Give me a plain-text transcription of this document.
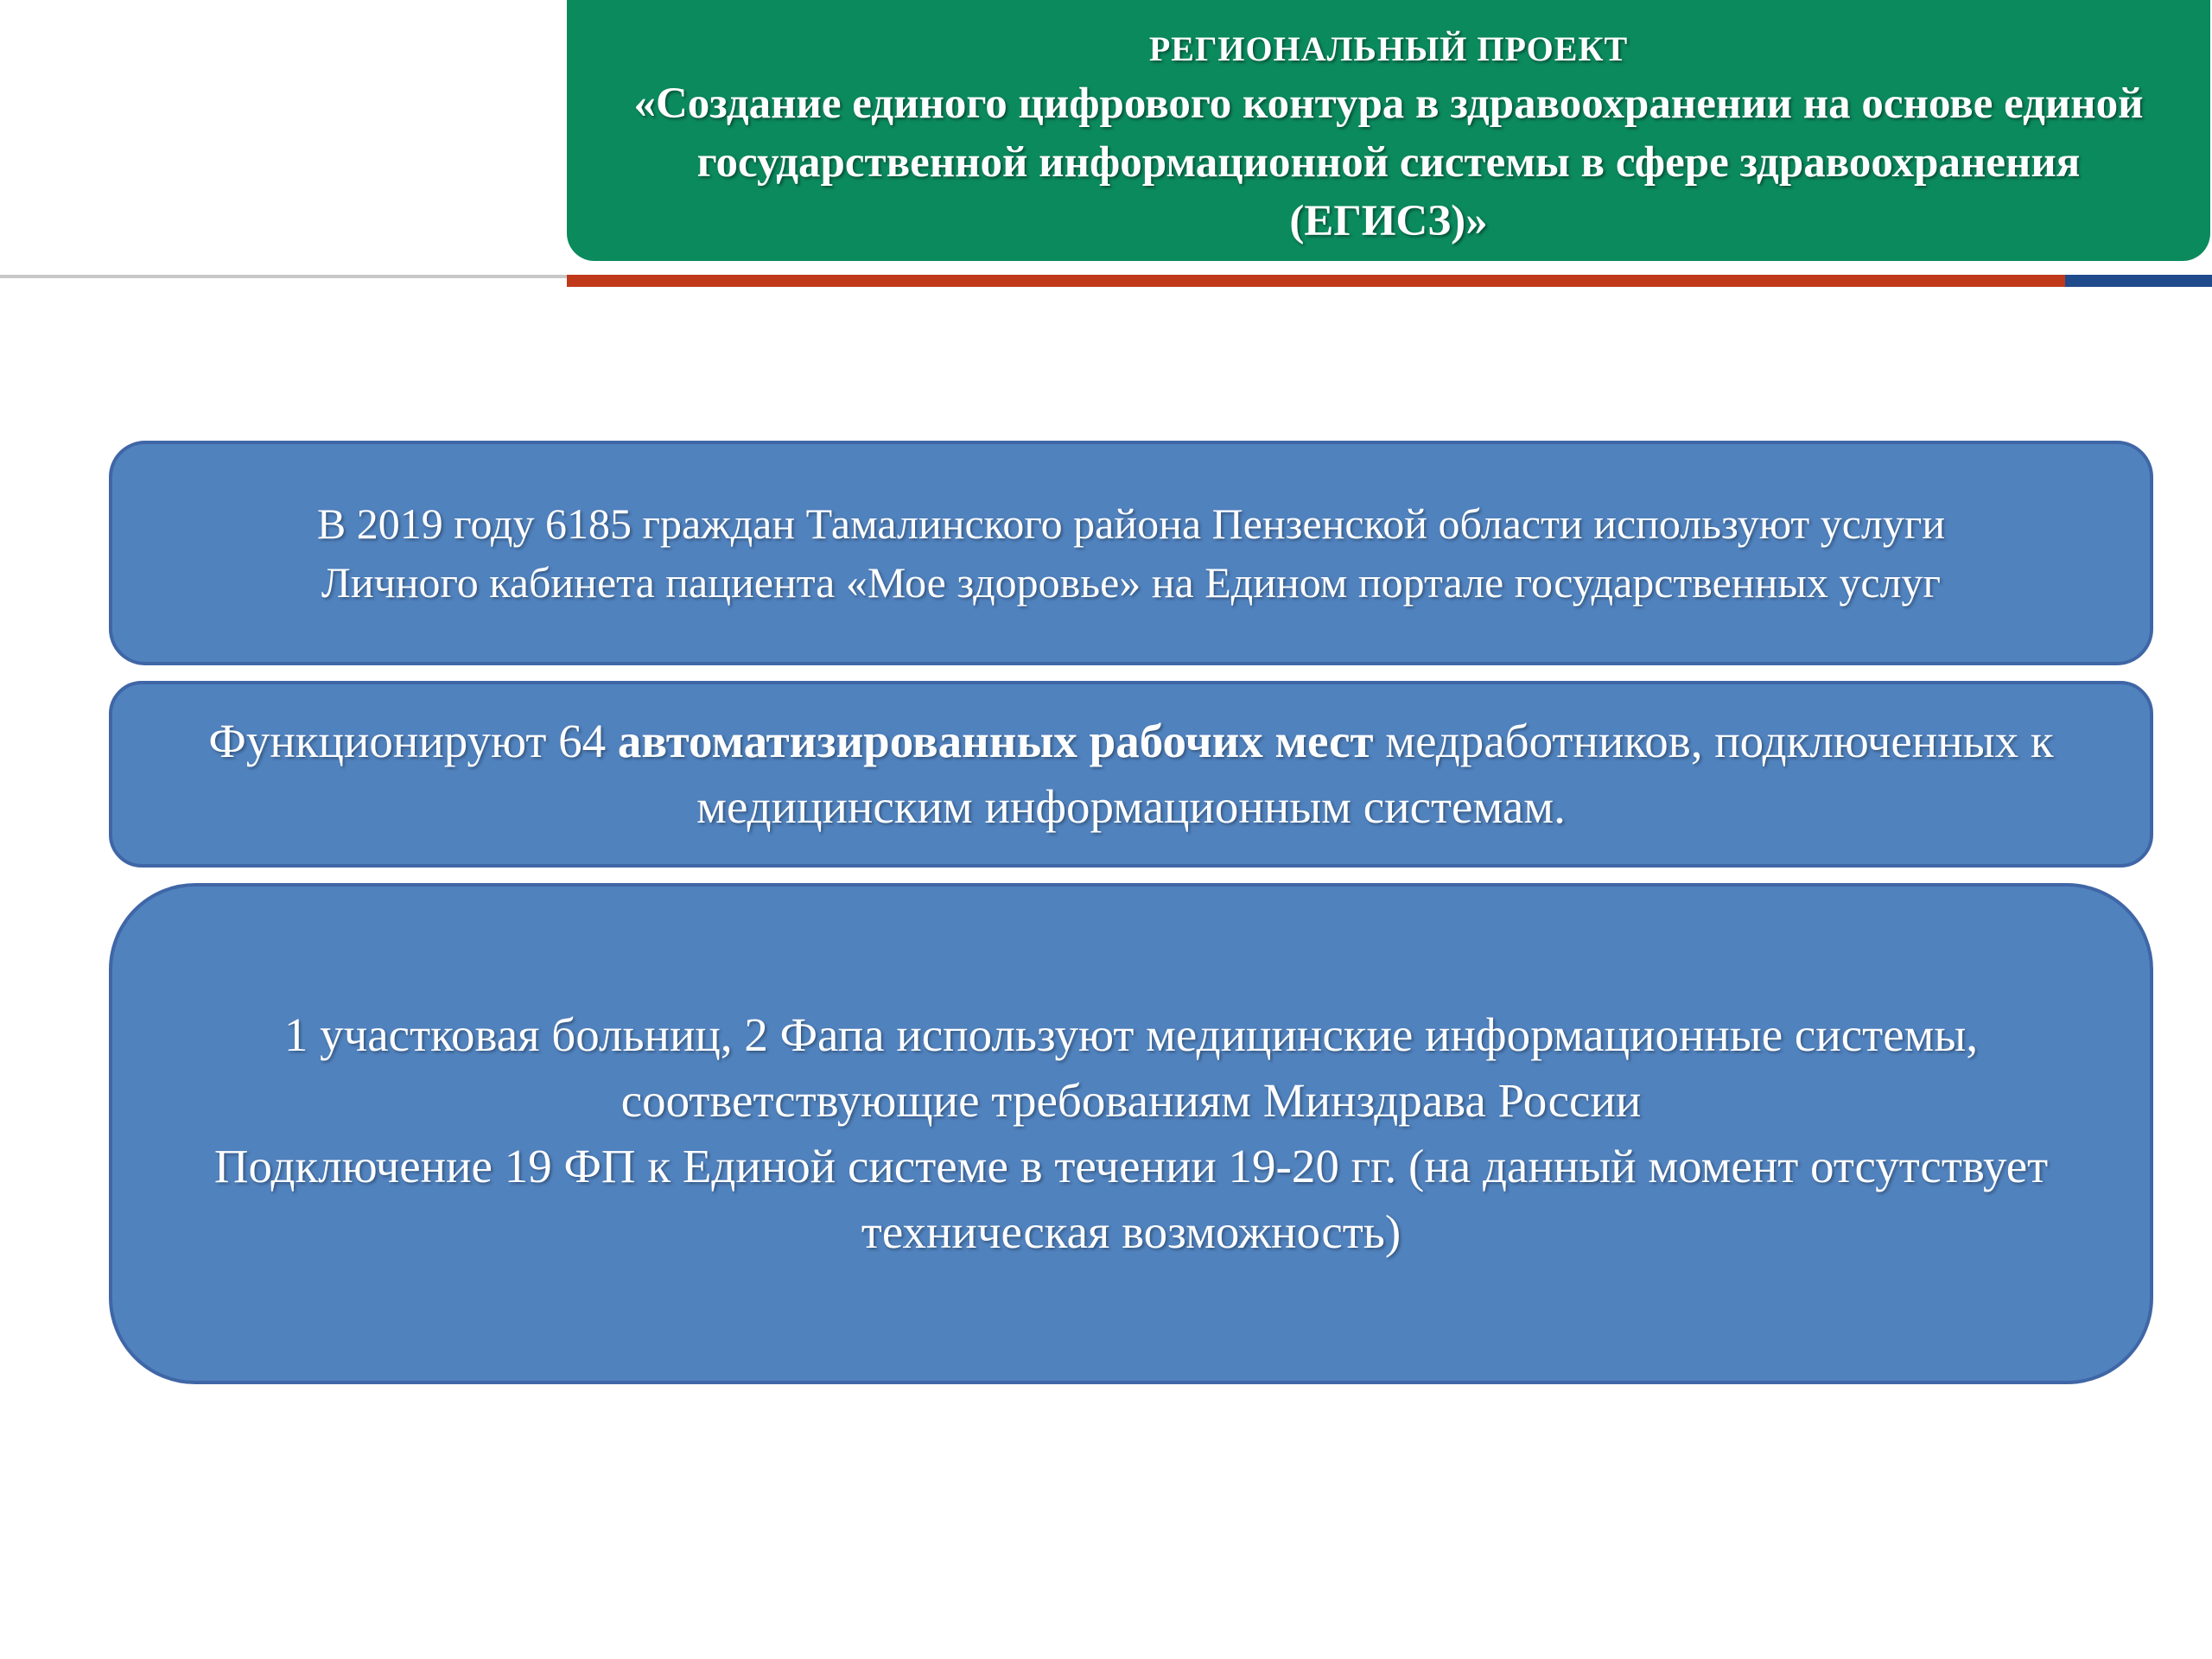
РЕГИОНАЛЬНЫЙ ПРОЕКТ
«Создание единого цифрового контура в здравоохранении на основе единой государственной информационной системы в сфере здравоохранения (ЕГИСЗ)»
В 2019 году 6185 граждан Тамалинского района Пензенской области используют услуги
Личного кабинета пациента «Мое здоровье» на Едином портале государственных услуг
Функционируют 64 автоматизированных рабочих мест медработников, подключенных к медицинским информационным системам.
1 участковая больниц, 2 Фапа используют медицинские информационные системы, соответствующие требованиям Минздрава России
Подключение 19 ФП к Единой системе в течении 19-20 гг. (на данный момент отсутствует техническая возможность)
